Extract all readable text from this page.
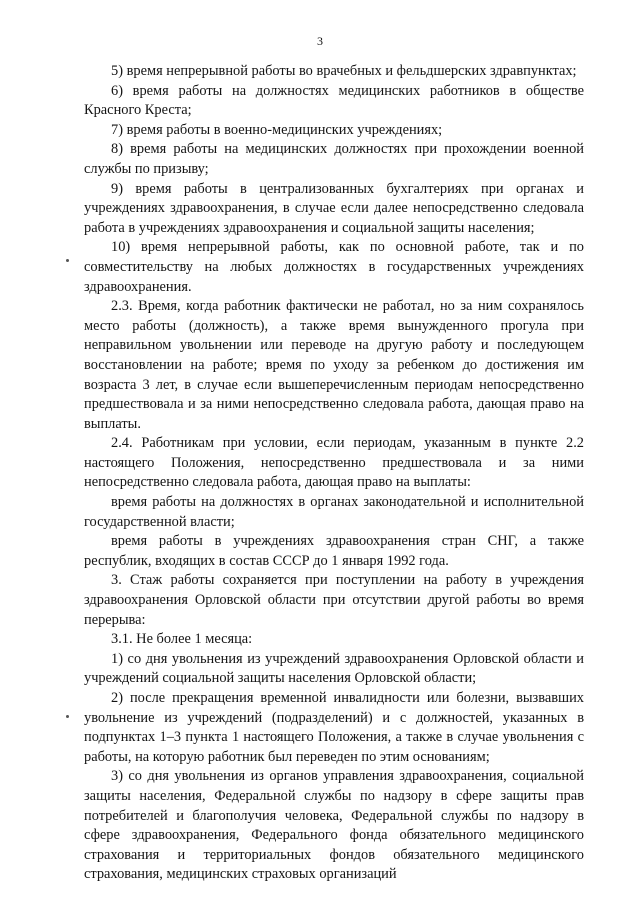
3

5) время непрерывной работы во врачебных и фельдшерских здравпунктах;

6) время работы на должностях медицинских работников в обществе Красного Креста;

7) время работы в военно-медицинских учреждениях;

8) время работы на медицинских должностях при прохождении военной службы по призыву;

9) время работы в централизованных бухгалтериях при органах и учреждениях здравоохранения, в случае если далее непосредственно следовала работа в учреждениях здравоохранения и социальной защиты населения;

10) время непрерывной работы, как по основной работе, так и по совместительству на любых должностях в государственных учреждениях здравоохранения.

2.3. Время, когда работник фактически не работал, но за ним сохранялось место работы (должность), а также время вынужденного прогула при неправильном увольнении или переводе на другую работу и последующем восстановлении на работе; время по уходу за ребенком до достижения им возраста 3 лет, в случае если вышеперечисленным периодам непосредственно предшествовала и за ними непосредственно следовала работа, дающая право на выплаты.

2.4. Работникам при условии, если периодам, указанным в пункте 2.2 настоящего Положения, непосредственно предшествовала и за ними непосредственно следовала работа, дающая право на выплаты:

время работы на должностях в органах законодательной и исполнительной государственной власти;

время работы в учреждениях здравоохранения стран СНГ, а также республик, входящих в состав СССР до 1 января 1992 года.

3. Стаж работы сохраняется при поступлении на работу в учреждения здравоохранения Орловской области при отсутствии другой работы во время перерыва:

3.1. Не более 1 месяца:

1) со дня увольнения из учреждений здравоохранения Орловской области и учреждений социальной защиты населения Орловской области;

2) после прекращения временной инвалидности или болезни, вызвавших увольнение из учреждений (подразделений) и с должностей, указанных в подпунктах 1–3 пункта 1 настоящего Положения, а также в случае увольнения с работы, на которую работник был переведен по этим основаниям;

3) со дня увольнения из органов управления здравоохранения, социальной защиты населения, Федеральной службы по надзору в сфере защиты прав потребителей и благополучия человека, Федеральной службы по надзору в сфере здравоохранения, Федерального фонда обязательного медицинского страхования и территориальных фондов обязательного медицинского страхования, медицинских страховых организаций
